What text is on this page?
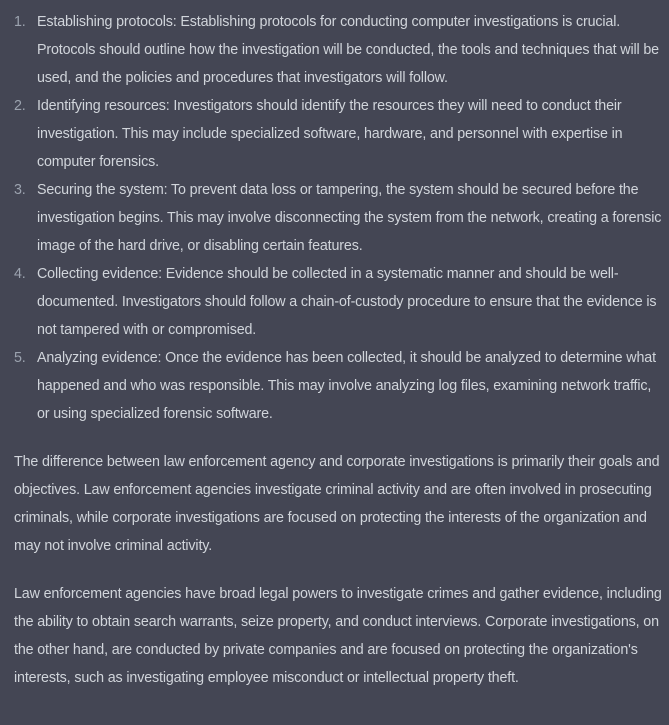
1. Establishing protocols: Establishing protocols for conducting computer investigations is crucial. Protocols should outline how the investigation will be conducted, the tools and techniques that will be used, and the policies and procedures that investigators will follow.
2. Identifying resources: Investigators should identify the resources they will need to conduct their investigation. This may include specialized software, hardware, and personnel with expertise in computer forensics.
3. Securing the system: To prevent data loss or tampering, the system should be secured before the investigation begins. This may involve disconnecting the system from the network, creating a forensic image of the hard drive, or disabling certain features.
4. Collecting evidence: Evidence should be collected in a systematic manner and should be well-documented. Investigators should follow a chain-of-custody procedure to ensure that the evidence is not tampered with or compromised.
5. Analyzing evidence: Once the evidence has been collected, it should be analyzed to determine what happened and who was responsible. This may involve analyzing log files, examining network traffic, or using specialized forensic software.

The difference between law enforcement agency and corporate investigations is primarily their goals and objectives. Law enforcement agencies investigate criminal activity and are often involved in prosecuting criminals, while corporate investigations are focused on protecting the interests of the organization and may not involve criminal activity.

Law enforcement agencies have broad legal powers to investigate crimes and gather evidence, including the ability to obtain search warrants, seize property, and conduct interviews. Corporate investigations, on the other hand, are conducted by private companies and are focused on protecting the organization's interests, such as investigating employee misconduct or intellectual property theft.
